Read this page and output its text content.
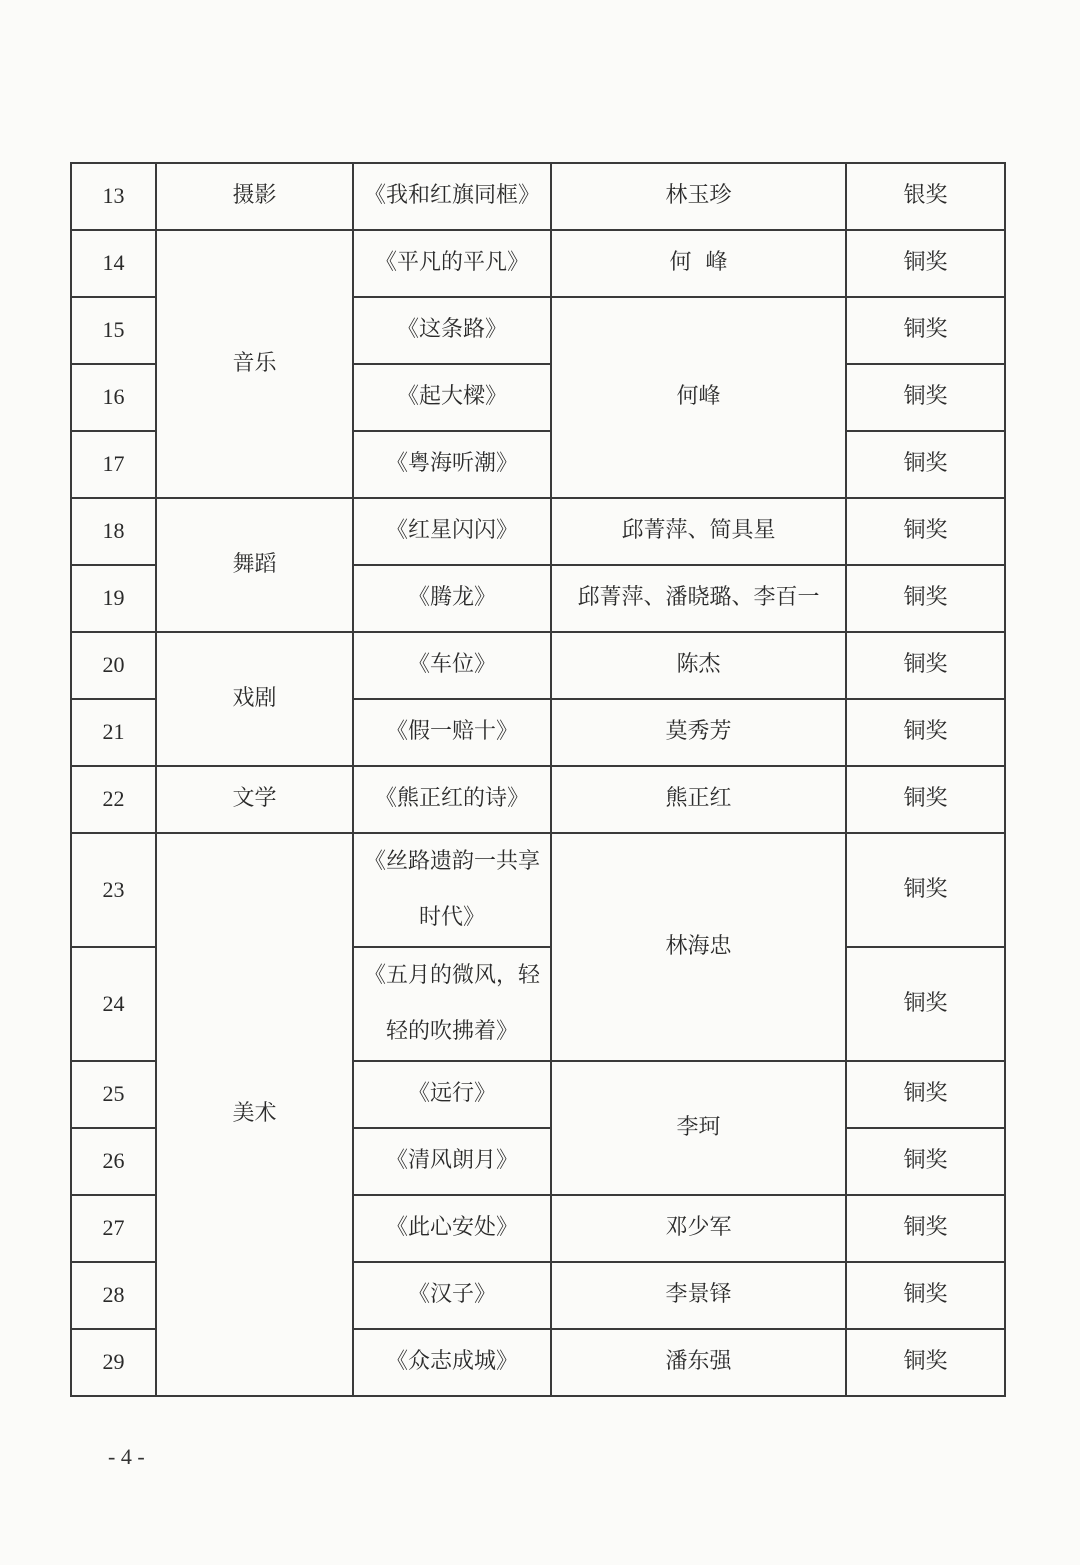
13	摄影	《我和红旗同框》	林玉珍	银奖
14	音乐	《平凡的平凡》	何  峰	铜奖
15		《这条路》	何峰	铜奖
16		《起大樑》		铜奖
17		《粤海听潮》		铜奖
18	舞蹈	《红星闪闪》	邱菁萍、简具星	铜奖
19		《腾龙》	邱菁萍、潘晓璐、李百一	铜奖
20	戏剧	《车位》	陈杰	铜奖
21		《假一赔十》	莫秀芳	铜奖
22	文学	《熊正红的诗》	熊正红	铜奖
23	美术	《丝路遗韵一共享时代》	林海忠	铜奖
24		《五月的微风，轻轻的吹拂着》		铜奖
25		《远行》	李珂	铜奖
26		《清风朗月》		铜奖
27		《此心安处》	邓少军	铜奖
28		《汉子》	李景铎	铜奖
29		《众志成城》	潘东强	铜奖
- 4 -
